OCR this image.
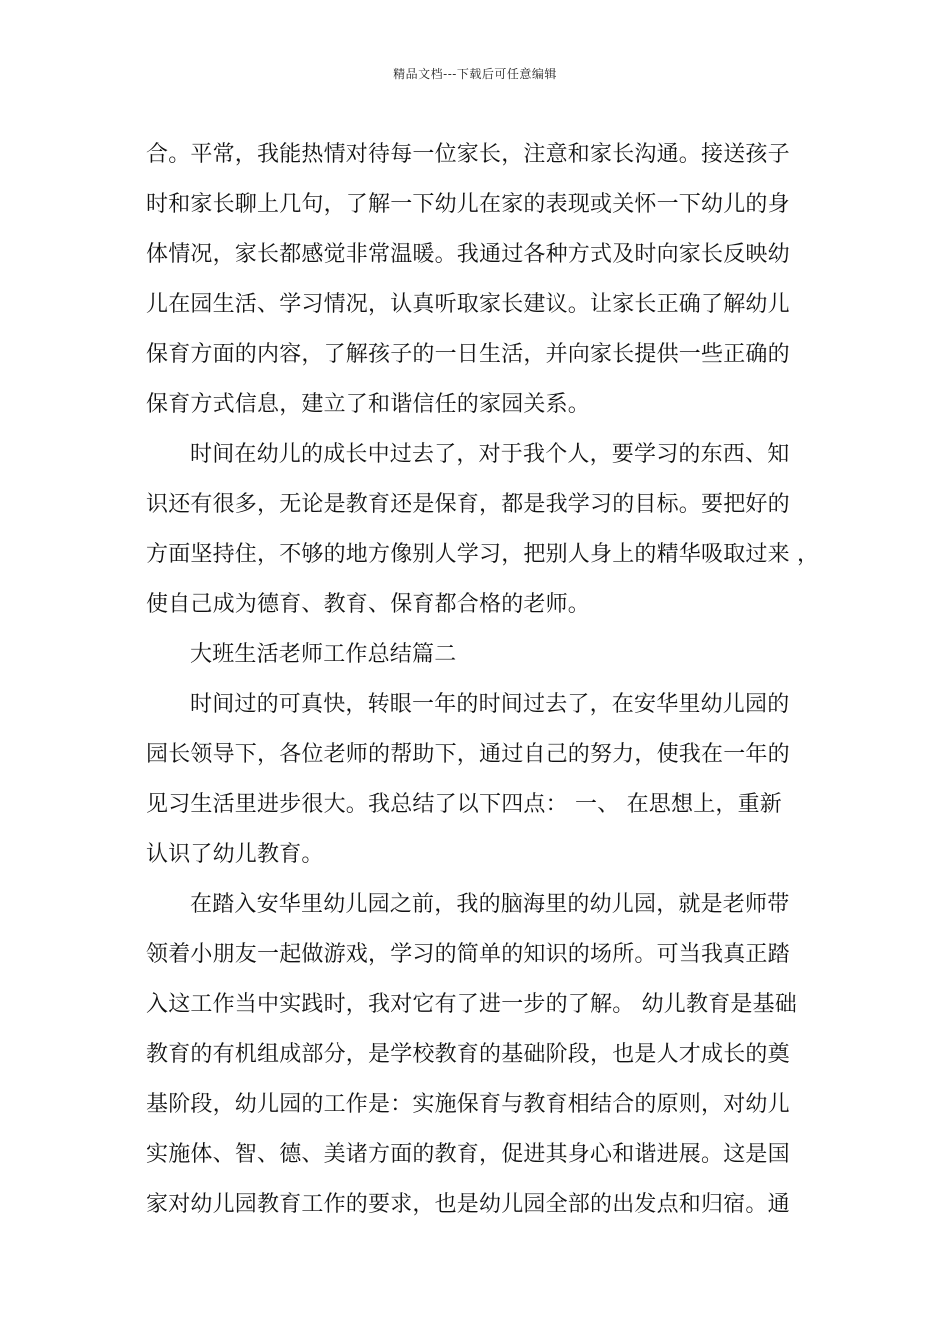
精品文档---下载后可任意编辑
合。平常，我能热情对待每一位家长，注意和家长沟通。接送孩子
时和家长聊上几句，了解一下幼儿在家的表现或关怀一下幼儿的身
体情况，家长都感觉非常温暖。我通过各种方式及时向家长反映幼
儿在园生活、学习情况，认真听取家长建议。让家长正确了解幼儿
保育方面的内容，了解孩子的一日生活，并向家长提供一些正确的
保育方式信息，建立了和谐信任的家园关系。
时间在幼儿的成长中过去了，对于我个人，要学习的东西、知
识还有很多，无论是教育还是保育，都是我学习的目标。要把好的
方面坚持住，不够的地方像别人学习，把别人身上的精华吸取过来 ，
使自己成为德育、教育、保育都合格的老师。
大班生活老师工作总结篇二
时间过的可真快，转眼一年的时间过去了，在安华里幼儿园的
园长领导下，各位老师的帮助下，通过自己的努力，使我在一年的
见习生活里进步很大。我总结了以下四点： 一、 在思想上，重新
认识了幼儿教育。
在踏入安华里幼儿园之前，我的脑海里的幼儿园，就是老师带
领着小朋友一起做游戏，学习的简单的知识的场所。可当我真正踏
入这工作当中实践时，我对它有了进一步的了解。 幼儿教育是基础
教育的有机组成部分，是学校教育的基础阶段，也是人才成长的奠
基阶段，幼儿园的工作是：实施保育与教育相结合的原则，对幼儿
实施体、智、德、美诸方面的教育，促进其身心和谐进展。这是国
家对幼儿园教育工作的要求，也是幼儿园全部的出发点和归宿。通
